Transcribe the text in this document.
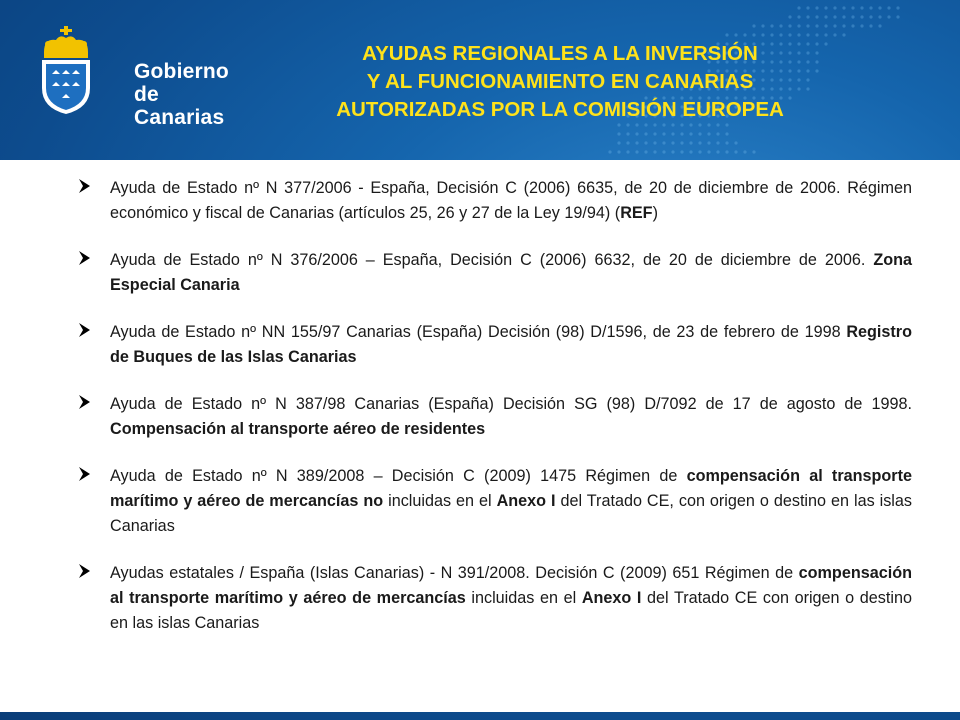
Gobierno
de Canarias
AYUDAS REGIONALES A LA INVERSIÓN
Y AL FUNCIONAMIENTO EN CANARIAS
AUTORIZADAS POR LA COMISIÓN EUROPEA
Ayuda de Estado nº N 377/2006 - España, Decisión C (2006) 6635, de 20 de diciembre de 2006. Régimen económico y fiscal de Canarias (artículos 25, 26 y 27 de la Ley 19/94) (REF)
Ayuda de Estado nº N 376/2006 – España, Decisión C (2006) 6632, de 20 de diciembre de 2006. Zona Especial Canaria
Ayuda de Estado nº NN 155/97 Canarias (España) Decisión (98) D/1596, de 23 de febrero de 1998 Registro de Buques de las Islas Canarias
Ayuda de Estado nº N 387/98 Canarias (España) Decisión SG (98) D/7092 de 17 de agosto de 1998. Compensación al transporte aéreo de residentes
Ayuda de Estado nº N 389/2008 – Decisión C (2009) 1475 Régimen de compensación al transporte marítimo y aéreo de mercancías no incluidas en el Anexo I del Tratado CE, con origen o destino en las islas Canarias
Ayudas estatales / España (Islas Canarias) - N 391/2008. Decisión C (2009) 651 Régimen de compensación al transporte marítimo y aéreo de mercancías incluidas en el Anexo I del Tratado CE con origen o destino en las islas Canarias
